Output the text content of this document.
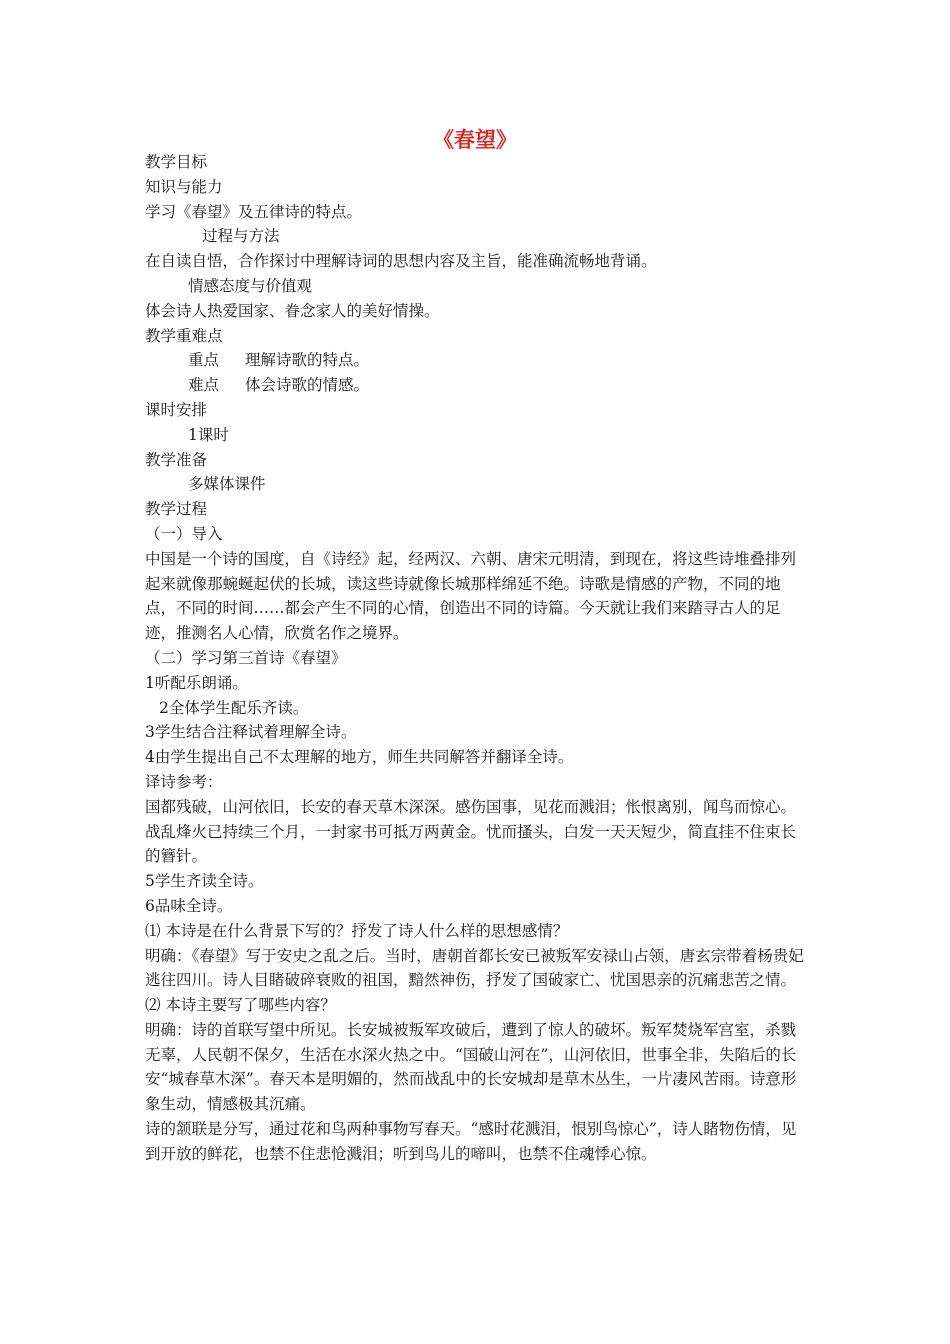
《春望》

教学目标

知识与能力

学习《春望》及五律诗的特点。

过程与方法

在自读自悟，合作探讨中理解诗词的思想内容及主旨，能准确流畅地背诵。

情感态度与价值观

体会诗人热爱国家、眷念家人的美好情操。

教学重难点

重点 理解诗歌的特点。

难点 体会诗歌的情感。

课时安排

1课时

教学准备

多媒体课件

教学过程

（一）导入

中国是一个诗的国度，自《诗经》起，经两汉、六朝、唐宋元明清，到现在，将这些诗堆叠排列起来就像那蜿蜒起伏的长城，读这些诗就像长城那样绵延不绝。诗歌是情感的产物，不同的地点，不同的时间……都会产生不同的心情，创造出不同的诗篇。今天就让我们来踏寻古人的足迹，推测名人心情，欣赏名作之境界。

（二）学习第三首诗《春望》

1听配乐朗诵。

2全体学生配乐齐读。

3学生结合注释试着理解全诗。

4由学生提出自己不太理解的地方，师生共同解答并翻译全诗。

译诗参考：

国都残破，山河依旧，长安的春天草木深深。感伤国事，见花而溅泪；怅恨离别，闻鸟而惊心。战乱烽火已持续三个月，一封家书可抵万两黄金。忧而搔头，白发一天天短少，简直挂不住束长的簪针。

5学生齐读全诗。

6品味全诗。

⑴ 本诗是在什么背景下写的？抒发了诗人什么样的思想感情？

明确：《春望》写于安史之乱之后。当时，唐朝首都长安已被叛军安禄山占领，唐玄宗带着杨贵妃逃往四川。诗人目睹破碎衰败的祖国，黯然神伤，抒发了国破家亡、忧国思亲的沉痛悲苦之情。

⑵ 本诗主要写了哪些内容？

明确：诗的首联写望中所见。长安城被叛军攻破后，遭到了惊人的破坏。叛军焚烧军宫室，杀戮无辜，人民朝不保夕，生活在水深火热之中。“国破山河在”，山河依旧，世事全非，失陷后的长安“城春草木深”。春天本是明媚的，然而战乱中的长安城却是草木丛生，一片凄风苦雨。诗意形象生动，情感极其沉痛。

诗的颔联是分写，通过花和鸟两种事物写春天。“感时花溅泪，恨别鸟惊心”，诗人睹物伤情，见到开放的鲜花，也禁不住悲怆溅泪；听到鸟儿的啼叫，也禁不住魂悸心惊。
